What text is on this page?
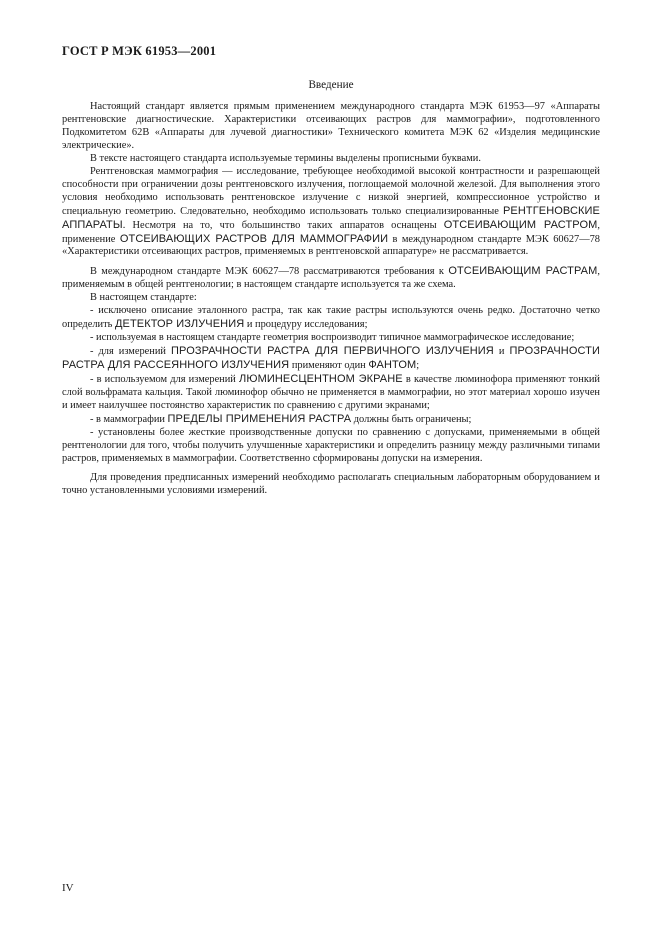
ГОСТ Р МЭК 61953—2001
Введение

Настоящий стандарт является прямым применением международного стандарта МЭК 61953—97 «Аппараты рентгеновские диагностические. Характеристики отсеивающих растров для маммографии», подготовленного Подкомитетом 62В «Аппараты для лучевой диагностики» Технического комитета МЭК 62 «Изделия медицинские электрические».

В тексте настоящего стандарта используемые термины выделены прописными буквами.

Рентгеновская маммография — исследование, требующее необходимой высокой контрастности и разрешающей способности при ограничении дозы рентгеновского излучения, поглощаемой молочной железой. Для выполнения этого условия необходимо использовать рентгеновское излучение с низкой энергией, компрессионное устройство и специальную геометрию. Следовательно, необходимо использовать только специализированные РЕНТГЕНОВСКИЕ АППАРАТЫ. Несмотря на то, что большинство таких аппаратов оснащены ОТСЕИВАЮЩИМ РАСТРОМ, применение ОТСЕИВАЮЩИХ РАСТРОВ ДЛЯ МАММОГРАФИИ в международном стандарте МЭК 60627—78 «Характеристики отсеивающих растров, применяемых в рентгеновской аппаратуре» не рассматривается.

В международном стандарте МЭК 60627—78 рассматриваются требования к ОТСЕИВАЮЩИМ РАСТРАМ, применяемым в общей рентгенологии; в настоящем стандарте используется та же схема.

В настоящем стандарте:

- исключено описание эталонного растра, так как такие растры используются очень редко. Достаточно четко определить ДЕТЕКТОР ИЗЛУЧЕНИЯ и процедуру исследования;

- используемая в настоящем стандарте геометрия воспроизводит типичное маммографическое исследование;

- для измерений ПРОЗРАЧНОСТИ РАСТРА ДЛЯ ПЕРВИЧНОГО ИЗЛУЧЕНИЯ и ПРОЗРАЧНОСТИ РАСТРА ДЛЯ РАССЕЯННОГО ИЗЛУЧЕНИЯ применяют один ФАНТОМ;

- в используемом для измерений ЛЮМИНЕСЦЕНТНОМ ЭКРАНЕ в качестве люминофора применяют тонкий слой вольфрамата кальция. Такой люминофор обычно не применяется в маммографии, но этот материал хорошо изучен и имеет наилучшее постоянство характеристик по сравнению с другими экранами;

- в маммографии ПРЕДЕЛЫ ПРИМЕНЕНИЯ РАСТРА должны быть ограничены;

- установлены более жесткие производственные допуски по сравнению с допусками, применяемыми в общей рентгенологии для того, чтобы получить улучшенные характеристики и определить разницу между различными типами растров, применяемых в маммографии. Соответственно сформированы допуски на измерения.

Для проведения предписанных измерений необходимо располагать специальным лабораторным оборудованием и точно установленными условиями измерений.

IV
